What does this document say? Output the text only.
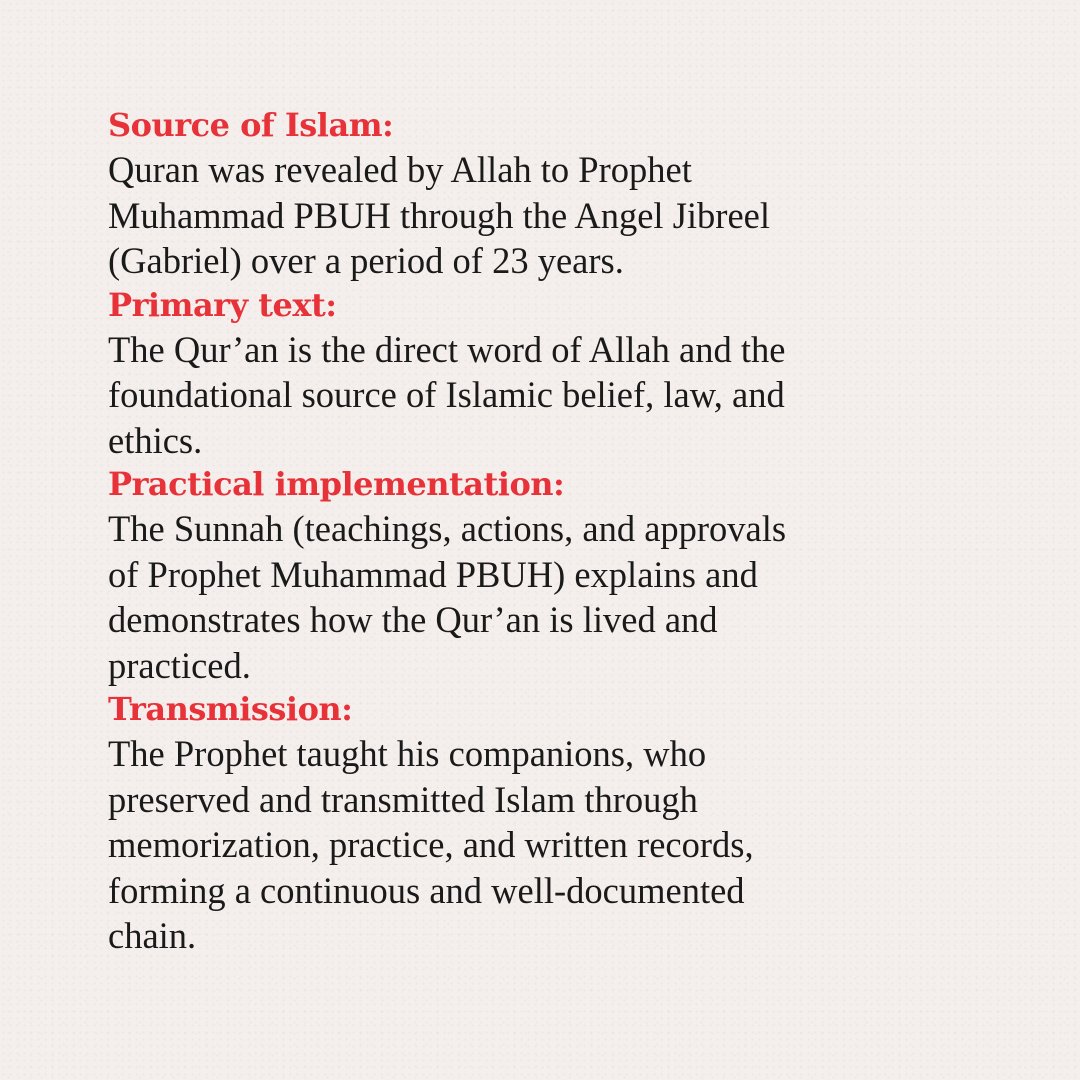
Source of Islam:
Quran was revealed by Allah to Prophet
Muhammad PBUH through the Angel Jibreel
(Gabriel) over a period of 23 years.
Primary text:
The Qur’an is the direct word of Allah and the
foundational source of Islamic belief, law, and
ethics.
Practical implementation:
The Sunnah (teachings, actions, and approvals
of Prophet Muhammad PBUH) explains and
demonstrates how the Qur’an is lived and
practiced.
Transmission:
The Prophet taught his companions, who
preserved and transmitted Islam through
memorization, practice, and written records,
forming a continuous and well-documented
chain.
